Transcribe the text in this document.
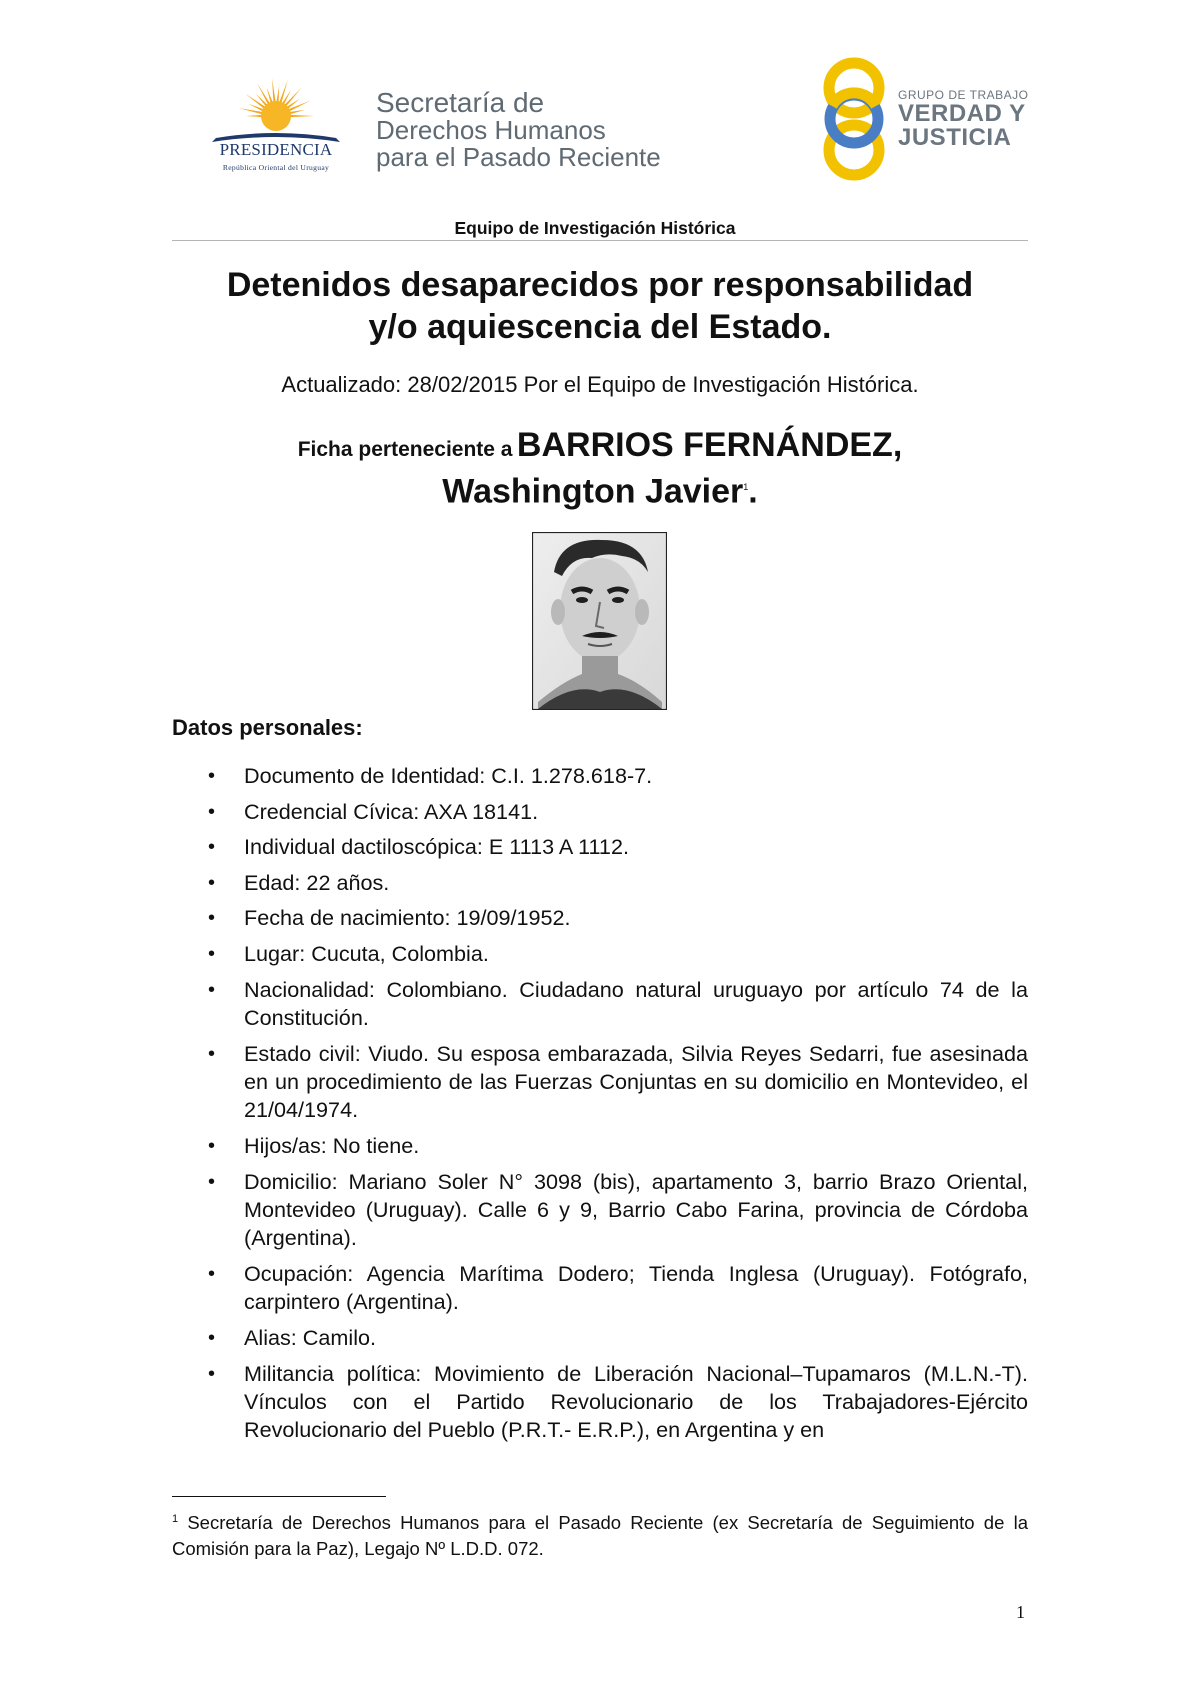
PRESIDENCIA
República Oriental del Uruguay
Secretaría de
Derechos Humanos
para el Pasado Reciente
GRUPO DE TRABAJO
VERDAD Y
JUSTICIA
Equipo de Investigación Histórica
Detenidos desaparecidos por responsabilidad
y/o aquiescencia del Estado.
Actualizado: 28/02/2015 Por el Equipo de Investigación Histórica.
Ficha perteneciente a BARRIOS FERNÁNDEZ,
Washington Javier$^1$.
Datos personales:
• Documento de Identidad: C.I. 1.278.618-7.
• Credencial Cívica: AXA 18141.
• Individual dactiloscópica: E 1113 A 1112.
• Edad: 22 años.
• Fecha de nacimiento: 19/09/1952.
• Lugar: Cucuta, Colombia.
• Nacionalidad: Colombiano. Ciudadano natural uruguayo por artículo 74 de la Constitución.
• Estado civil: Viudo. Su esposa embarazada, Silvia Reyes Sedarri, fue asesinada en un procedimiento de las Fuerzas Conjuntas en su domicilio en Montevideo, el 21/04/1974.
• Hijos/as: No tiene.
• Domicilio: Mariano Soler N° 3098 (bis), apartamento 3, barrio Brazo Oriental, Montevideo (Uruguay). Calle 6 y 9, Barrio Cabo Farina, provincia de Córdoba (Argentina).
• Ocupación: Agencia Marítima Dodero; Tienda Inglesa (Uruguay). Fotógrafo, carpintero (Argentina).
• Alias: Camilo.
• Militancia política: Movimiento de Liberación Nacional–Tupamaros (M.L.N.-T). Vínculos con el Partido Revolucionario de los Trabajadores-Ejército Revolucionario del Pueblo (P.R.T.- E.R.P.), en Argentina y en
$^1$ Secretaría de Derechos Humanos para el Pasado Reciente (ex Secretaría de Seguimiento de la Comisión para la Paz), Legajo Nº L.D.D. 072.
1
